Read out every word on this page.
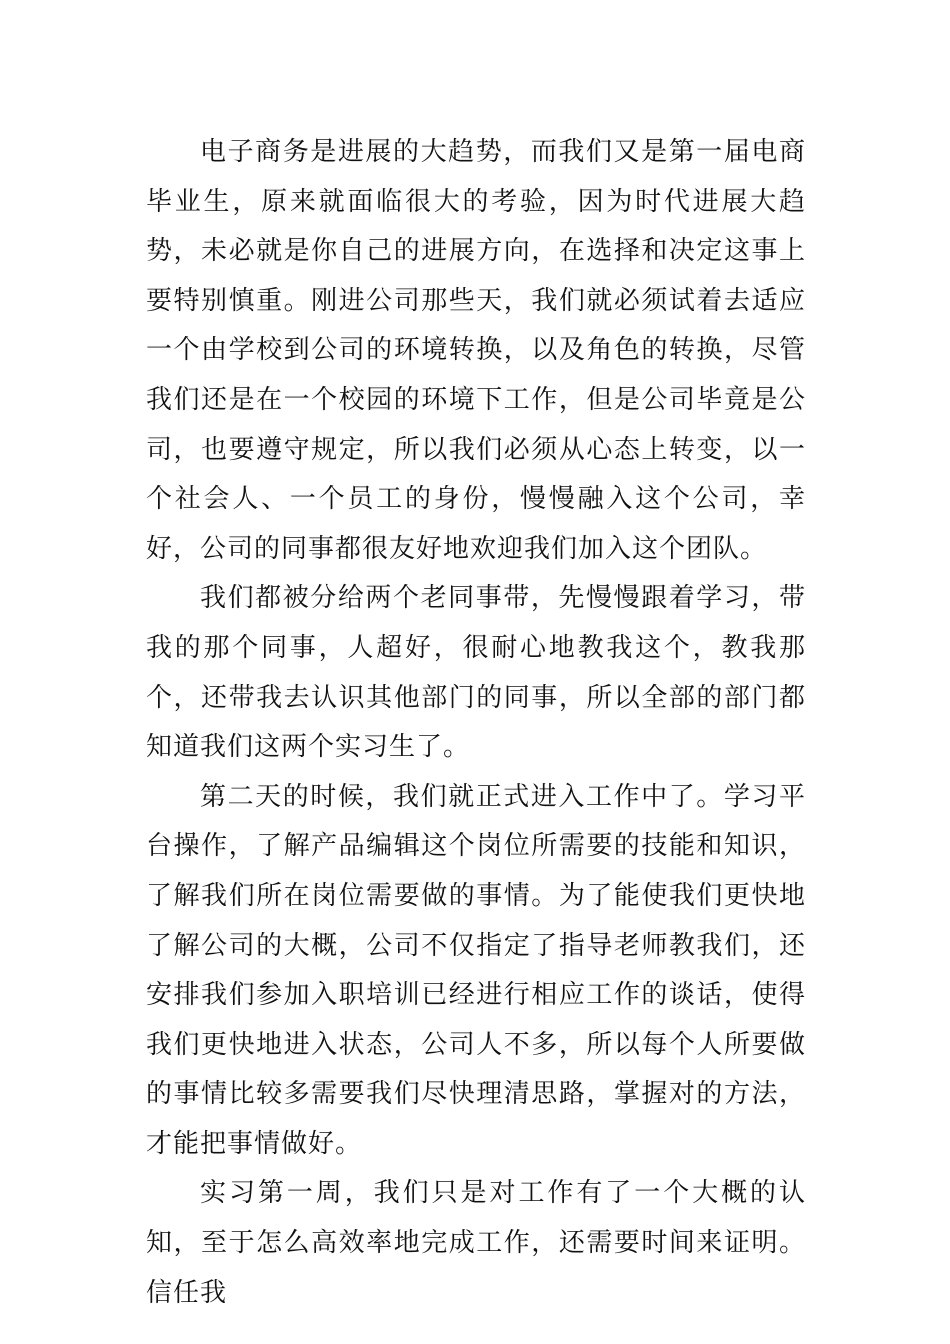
电子商务是进展的大趋势，而我们又是第一届电商毕业生，原来就面临很大的考验，因为时代进展大趋势，未必就是你自己的进展方向，在选择和决定这事上要特别慎重。刚进公司那些天，我们就必须试着去适应一个由学校到公司的环境转换，以及角色的转换，尽管我们还是在一个校园的环境下工作，但是公司毕竟是公司，也要遵守规定，所以我们必须从心态上转变，以一个社会人、一个员工的身份，慢慢融入这个公司，幸好，公司的同事都很友好地欢迎我们加入这个团队。

我们都被分给两个老同事带，先慢慢跟着学习，带我的那个同事，人超好，很耐心地教我这个，教我那个，还带我去认识其他部门的同事，所以全部的部门都知道我们这两个实习生了。

第二天的时候，我们就正式进入工作中了。学习平台操作，了解产品编辑这个岗位所需要的技能和知识，了解我们所在岗位需要做的事情。为了能使我们更快地了解公司的大概，公司不仅指定了指导老师教我们，还安排我们参加入职培训已经进行相应工作的谈话，使得我们更快地进入状态，公司人不多，所以每个人所要做的事情比较多需要我们尽快理清思路，掌握对的方法，才能把事情做好。

实习第一周，我们只是对工作有了一个大概的认知，至于怎么高效率地完成工作，还需要时间来证明。信任我
